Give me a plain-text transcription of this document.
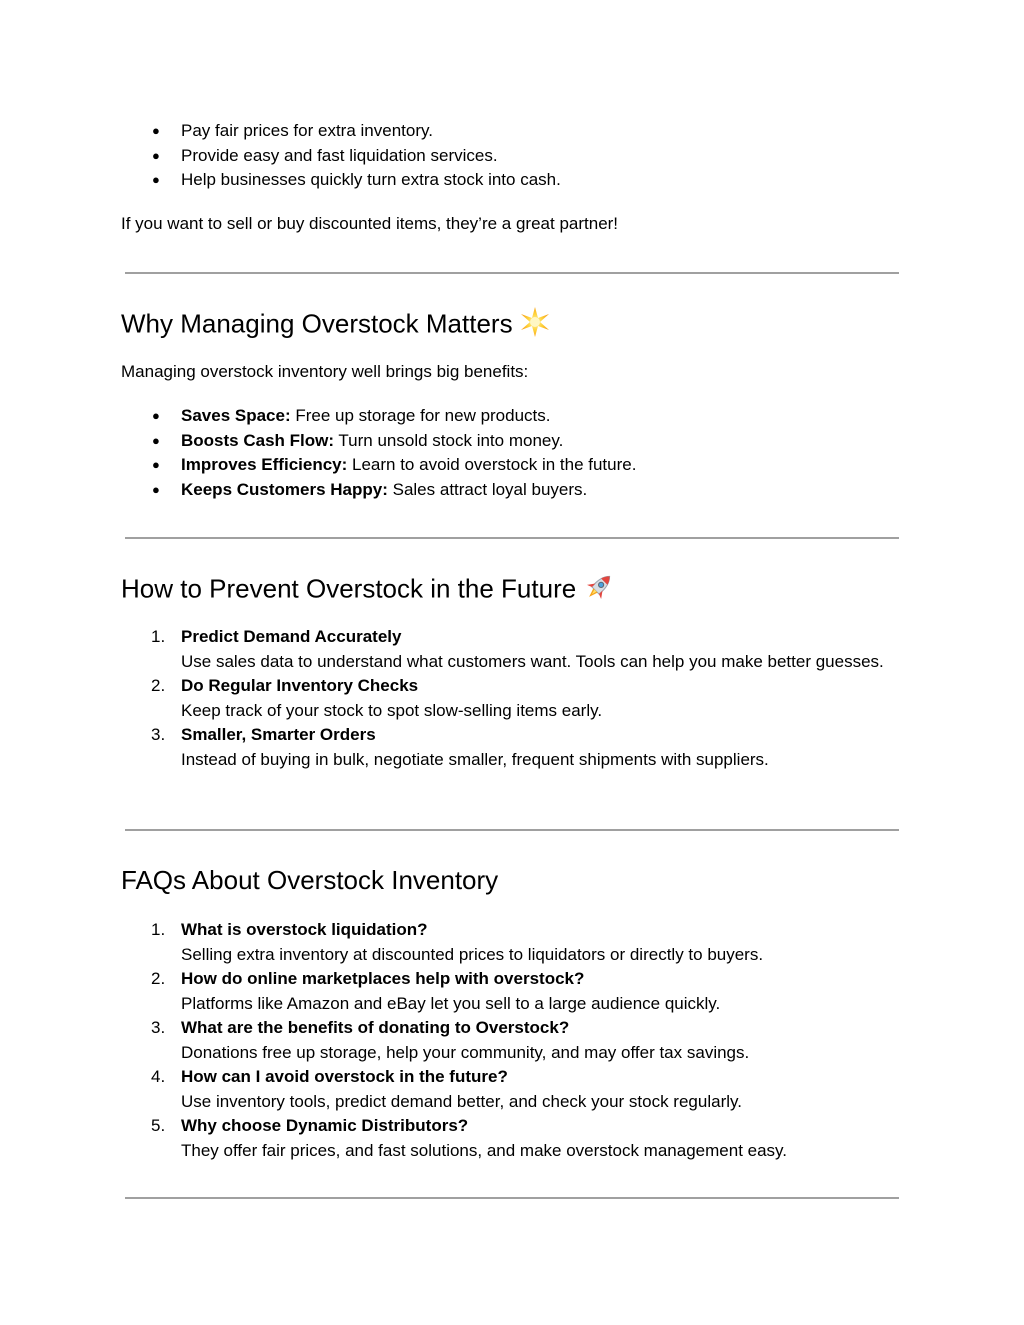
● Pay fair prices for extra inventory.
● Provide easy and fast liquidation services.
● Help businesses quickly turn extra stock into cash.

If you want to sell or buy discounted items, they’re a great partner!

Why Managing Overstock Matters

Managing overstock inventory well brings big benefits:

● Saves Space: Free up storage for new products.
● Boosts Cash Flow: Turn unsold stock into money.
● Improves Efficiency: Learn to avoid overstock in the future.
● Keeps Customers Happy: Sales attract loyal buyers.
How to Prevent Overstock in the Future
1. Predict Demand Accurately
Use sales data to understand what customers want. Tools can help you make better guesses.
2. Do Regular Inventory Checks
Keep track of your stock to spot slow-selling items early.
3. Smaller, Smarter Orders
Instead of buying in bulk, negotiate smaller, frequent shipments with suppliers.
FAQs About Overstock Inventory
1. What is overstock liquidation?
Selling extra inventory at discounted prices to liquidators or directly to buyers.
2. How do online marketplaces help with overstock?
Platforms like Amazon and eBay let you sell to a large audience quickly.
3. What are the benefits of donating to Overstock?
Donations free up storage, help your community, and may offer tax savings.
4. How can I avoid overstock in the future?
Use inventory tools, predict demand better, and check your stock regularly.
5. Why choose Dynamic Distributors?
They offer fair prices, and fast solutions, and make overstock management easy.
